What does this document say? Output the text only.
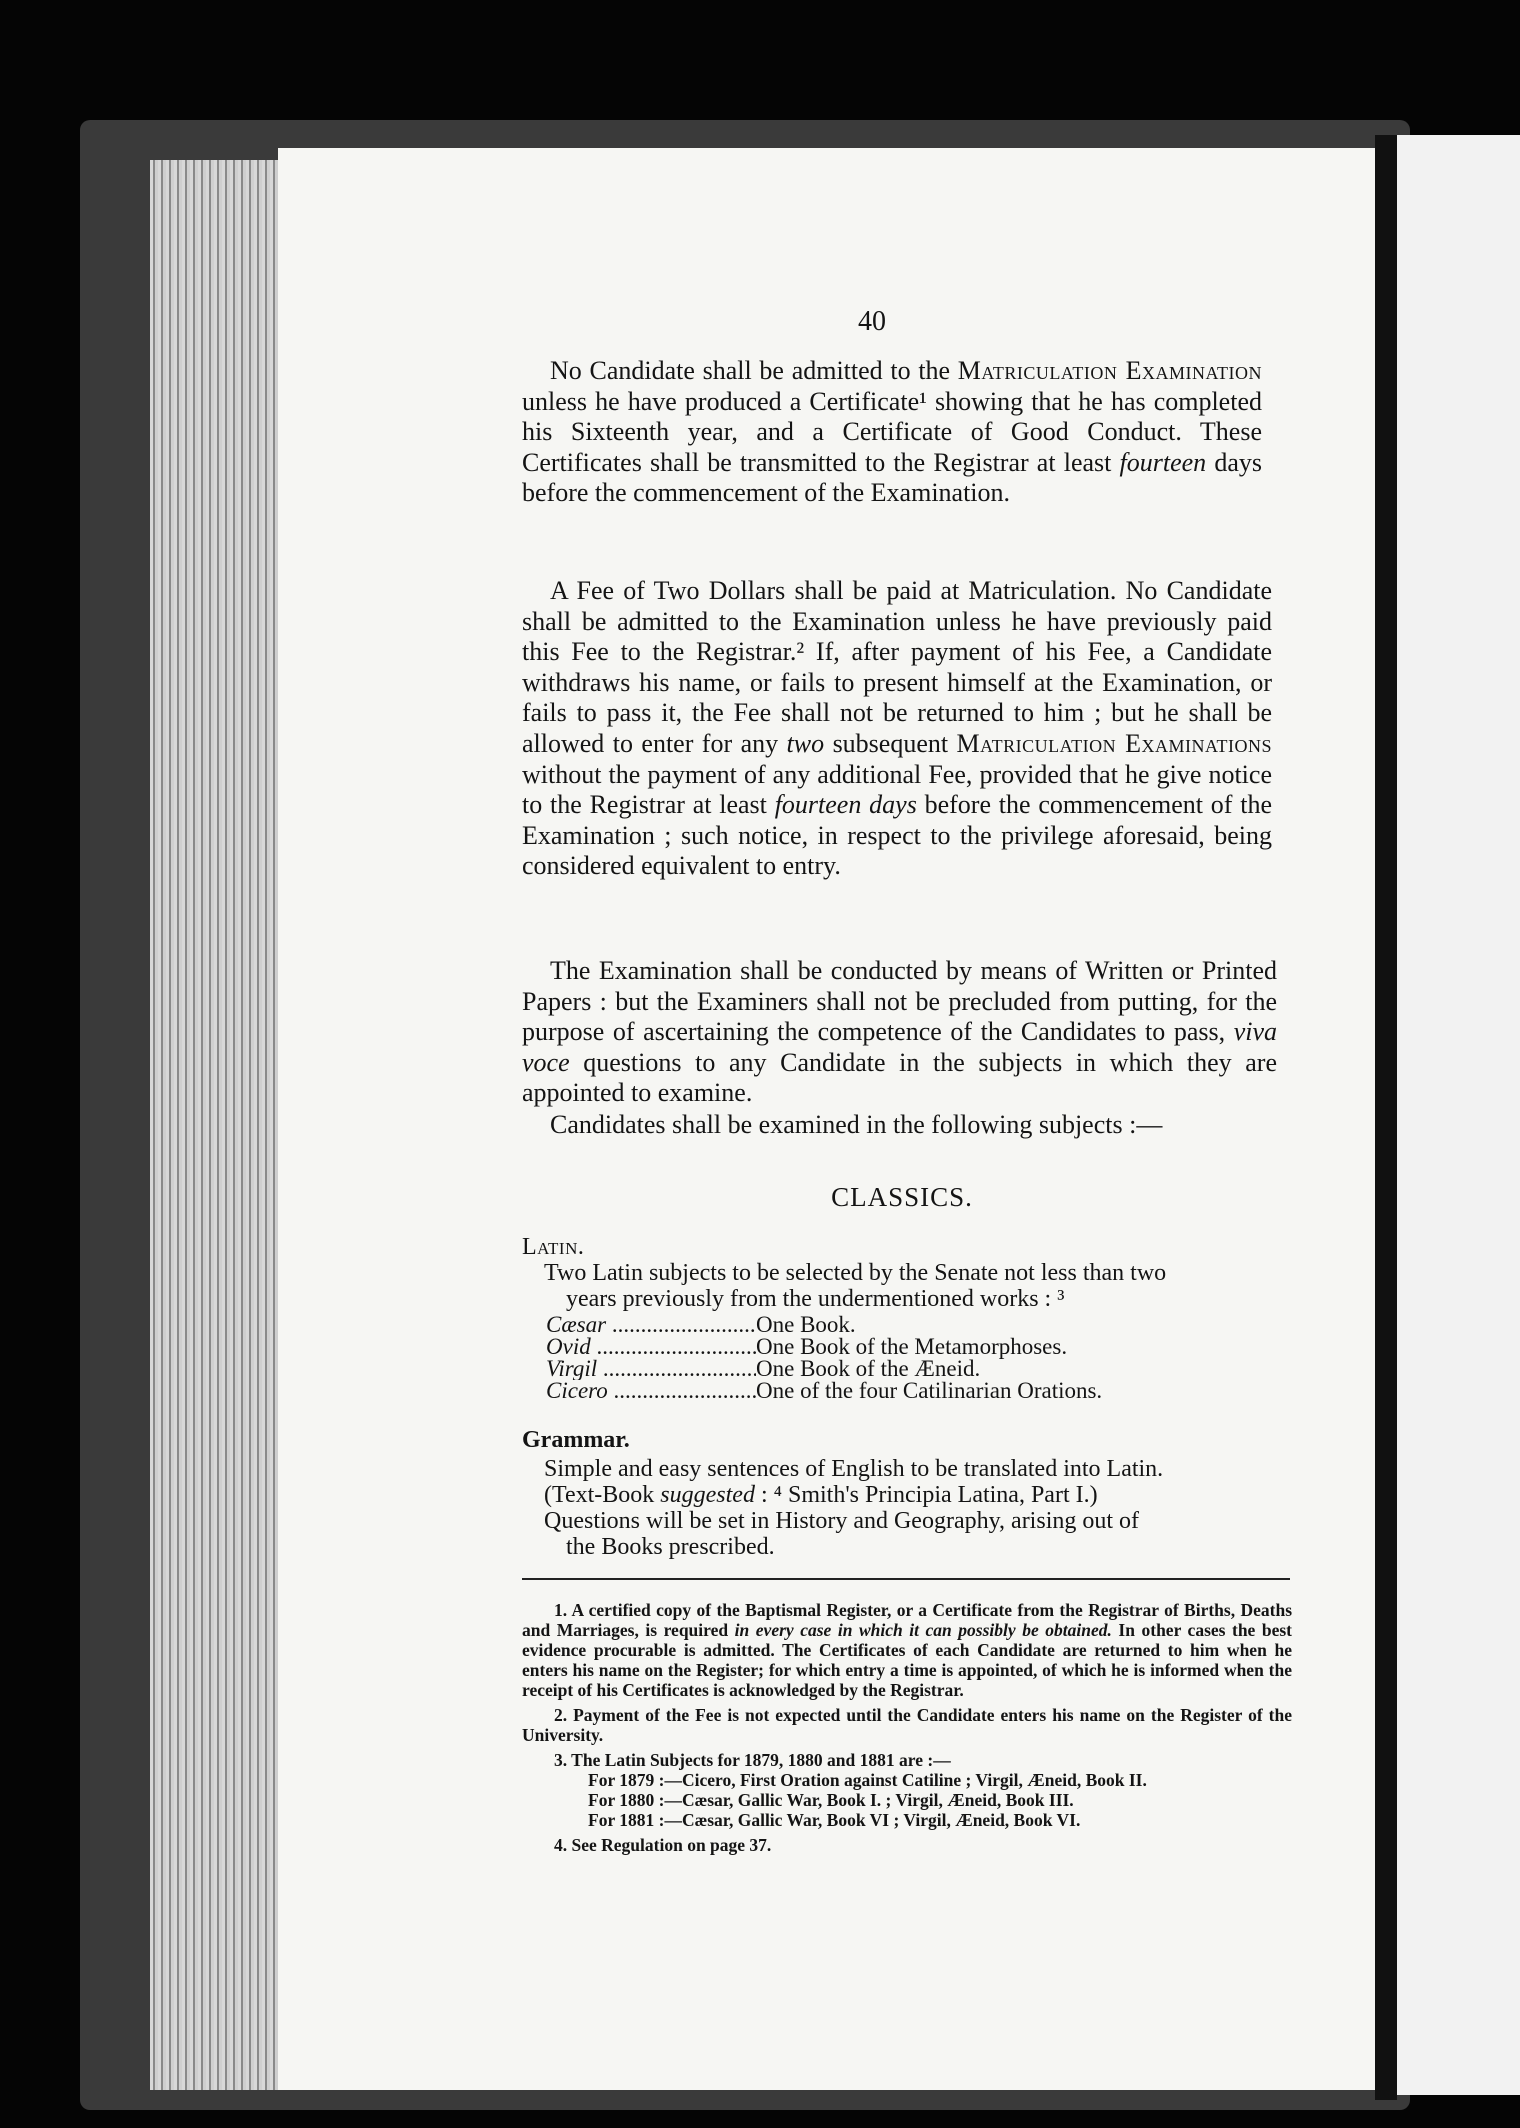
40

No Candidate shall be admitted to the Matriculation Examination unless he have produced a Certificate¹ showing that he has completed his Sixteenth year, and a Certificate of Good Conduct. These Certificates shall be transmitted to the Registrar at least fourteen days before the commencement of the Examination.

A Fee of Two Dollars shall be paid at Matriculation. No Candidate shall be admitted to the Examination unless he have previously paid this Fee to the Registrar.² If, after payment of his Fee, a Candidate withdraws his name, or fails to present himself at the Examination, or fails to pass it, the Fee shall not be returned to him ; but he shall be allowed to enter for any two subsequent Matriculation Examinations without the payment of any additional Fee, provided that he give notice to the Registrar at least fourteen days before the commencement of the Examination ; such notice, in respect to the privilege aforesaid, being considered equivalent to entry.

The Examination shall be conducted by means of Written or Printed Papers : but the Examiners shall not be precluded from putting, for the purpose of ascertaining the competence of the Candidates to pass, viva voce questions to any Candidate in the subjects in which they are appointed to examine.

Candidates shall be examined in the following subjects :—

CLASSICS.
Latin.
Two Latin subjects to be selected by the Senate not less than two
years previously from the undermentioned works : ³
Cæsar .....	One Book.
Ovid .....	One Book of the Metamorphoses.
Virgil .....	One Book of the Æneid.
Cicero .....	One of the four Catilinarian Orations.
Grammar.
Simple and easy sentences of English to be translated into Latin.
(Text-Book suggested : ⁴ Smith's Principia Latina, Part I.)
Questions will be set in History and Geography, arising out of
the Books prescribed.
1. A certified copy of the Baptismal Register, or a Certificate from the Registrar of Births, Deaths and Marriages, is required in every case in which it can possibly be obtained. In other cases the best evidence procurable is admitted. The Certificates of each Candidate are returned to him when he enters his name on the Register; for which entry a time is appointed, of which he is informed when the receipt of his Certificates is acknowledged by the Registrar.
2. Payment of the Fee is not expected until the Candidate enters his name on the Register of the University.
3. The Latin Subjects for 1879, 1880 and 1881 are :—
For 1879 :—Cicero, First Oration against Catiline ; Virgil, Æneid, Book II.
For 1880 :—Cæsar, Gallic War, Book I. ; Virgil, Æneid, Book III.
For 1881 :—Cæsar, Gallic War, Book VI ; Virgil, Æneid, Book VI.
4. See Regulation on page 37.
